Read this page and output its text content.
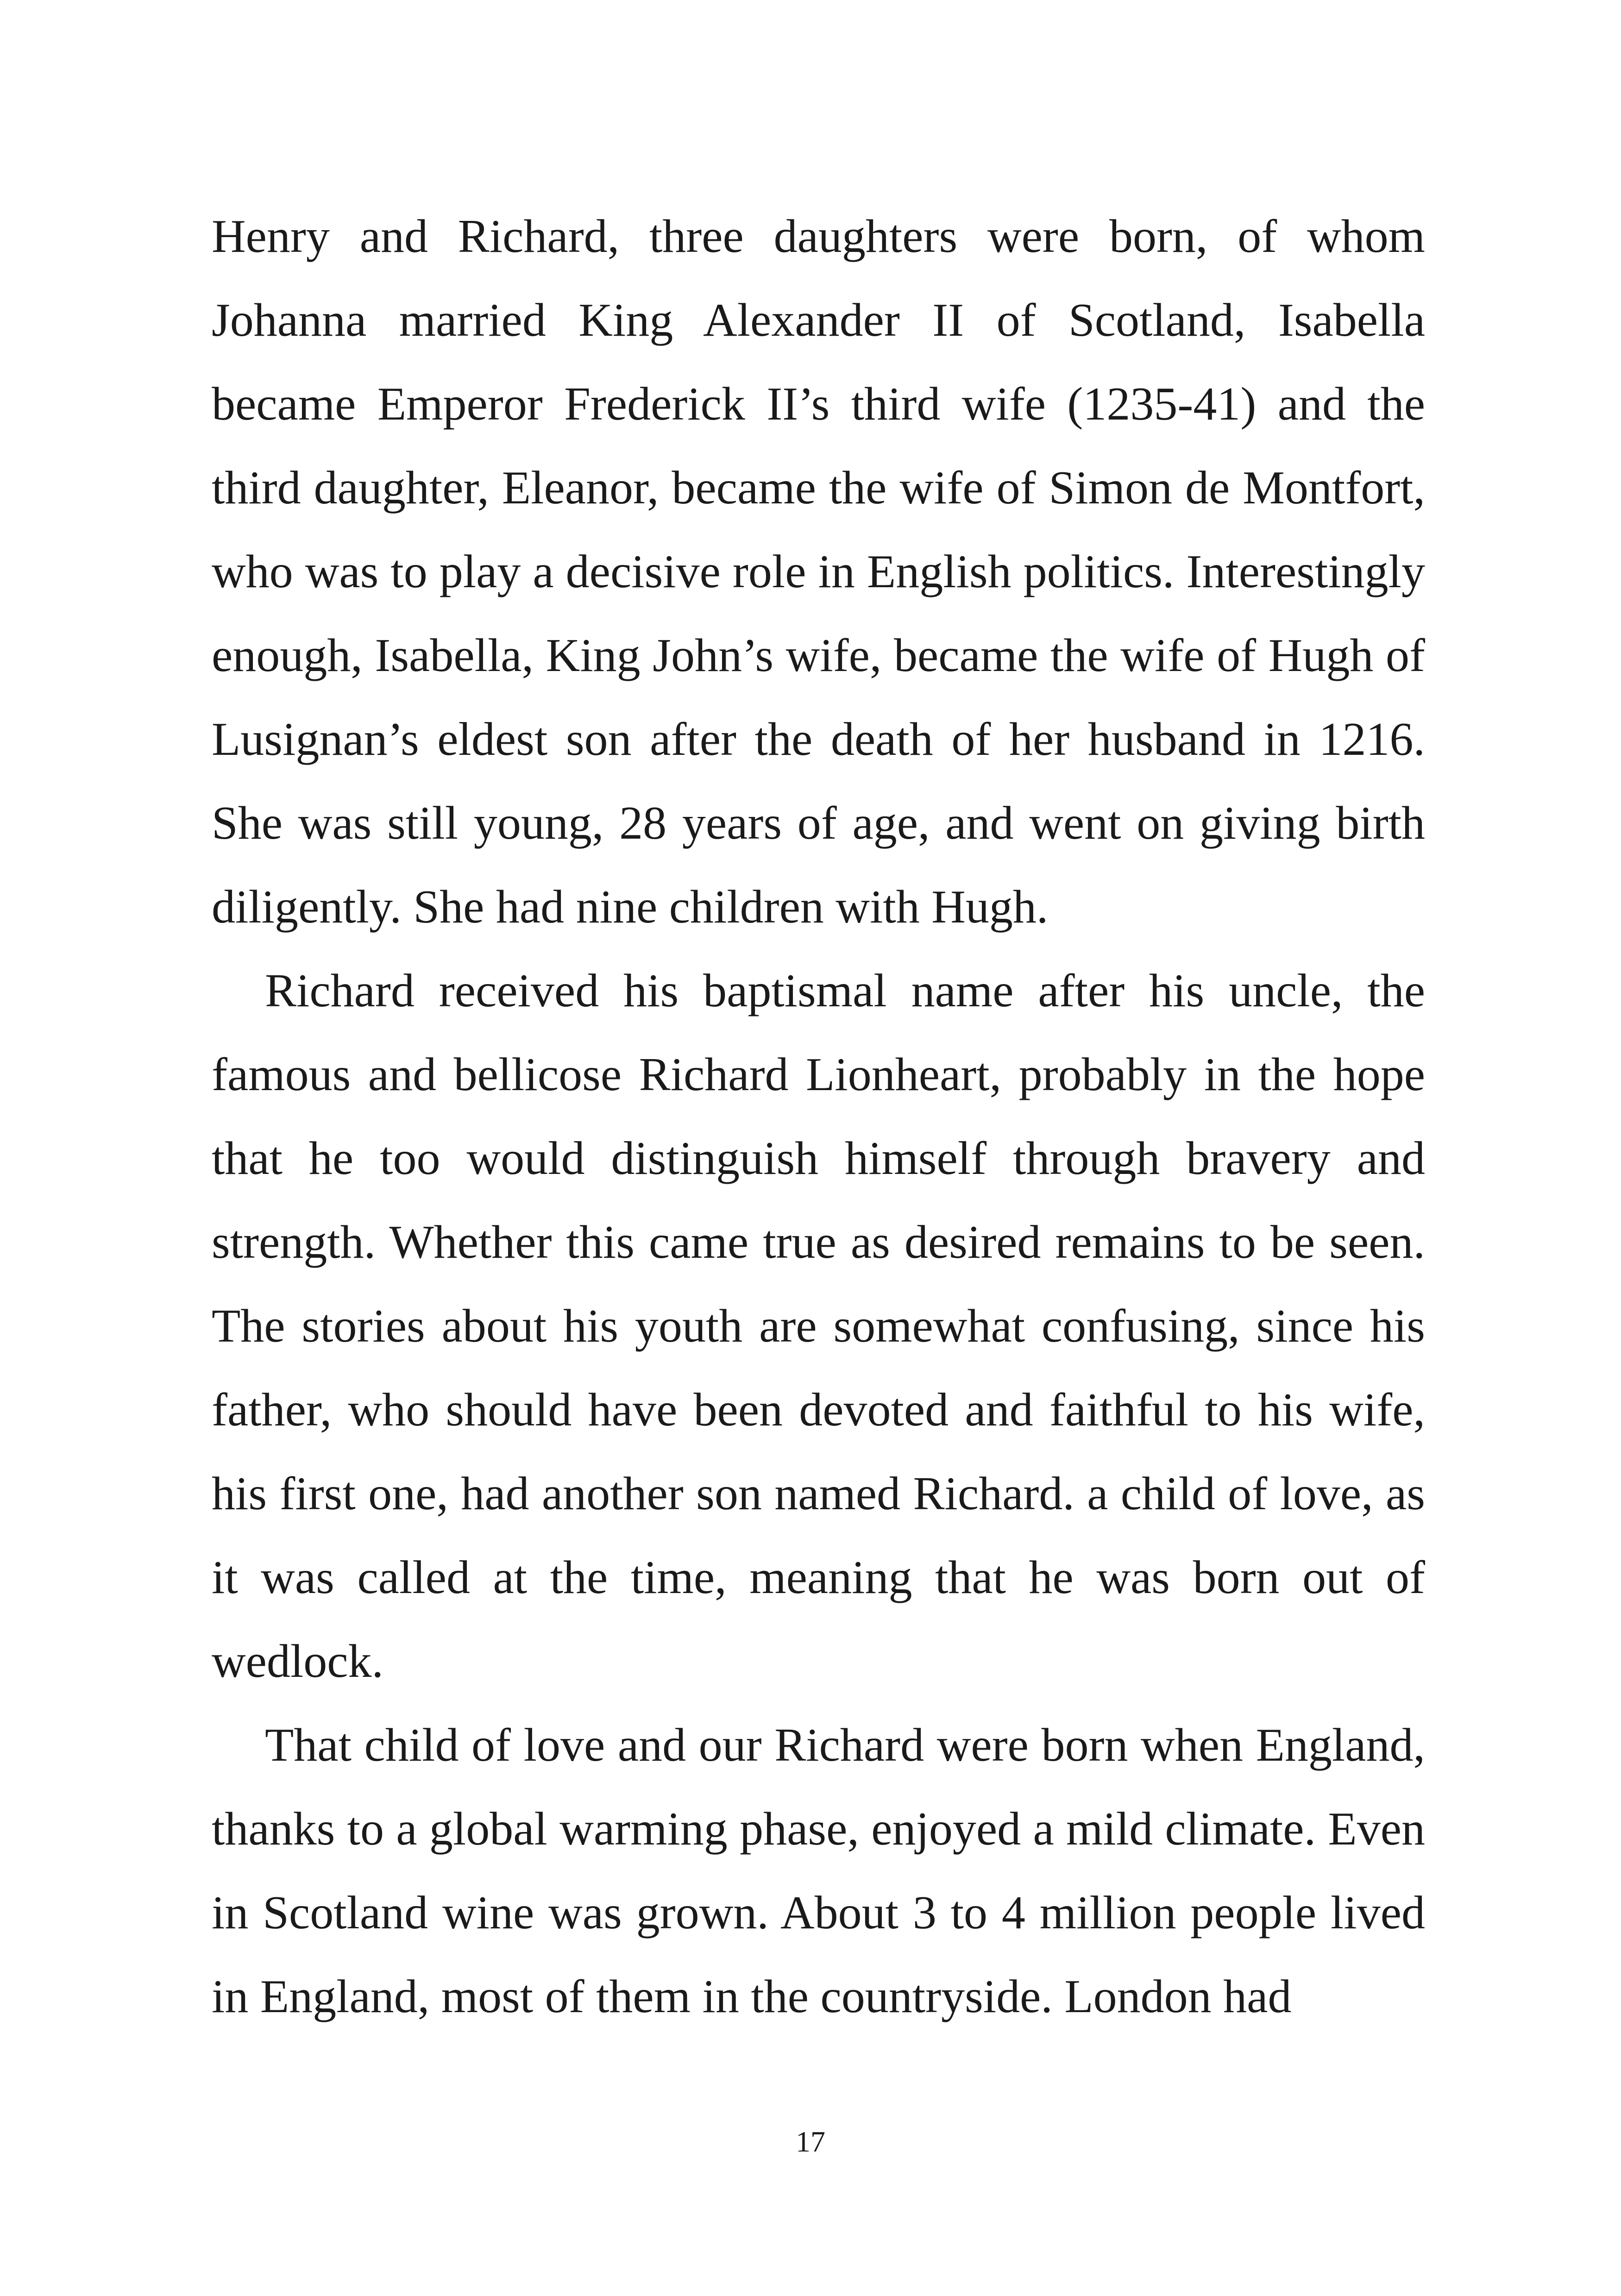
Henry and Richard, three daughters were born, of whom Johanna married King Alexander II of Scotland, Isabella became Emperor Frederick II’s third wife (1235-41) and the third daughter, Eleanor, became the wife of Simon de Montfort, who was to play a decisive role in English politics. Interestingly enough, Isabella, King John’s wife, became the wife of Hugh of Lusignan’s eldest son after the death of her husband in 1216. She was still young, 28 years of age, and went on giving birth diligently. She had nine children with Hugh.

Richard received his baptismal name after his uncle, the famous and bellicose Richard Lionheart, probably in the hope that he too would distinguish himself through bravery and strength. Whether this came true as desired remains to be seen. The stories about his youth are somewhat confusing, since his father, who should have been devoted and faithful to his wife, his first one, had another son named Richard. a child of love, as it was called at the time, meaning that he was born out of wedlock.

That child of love and our Richard were born when England, thanks to a global warming phase, enjoyed a mild climate. Even in Scotland wine was grown. About 3 to 4 million people lived in England, most of them in the countryside. London had

17
